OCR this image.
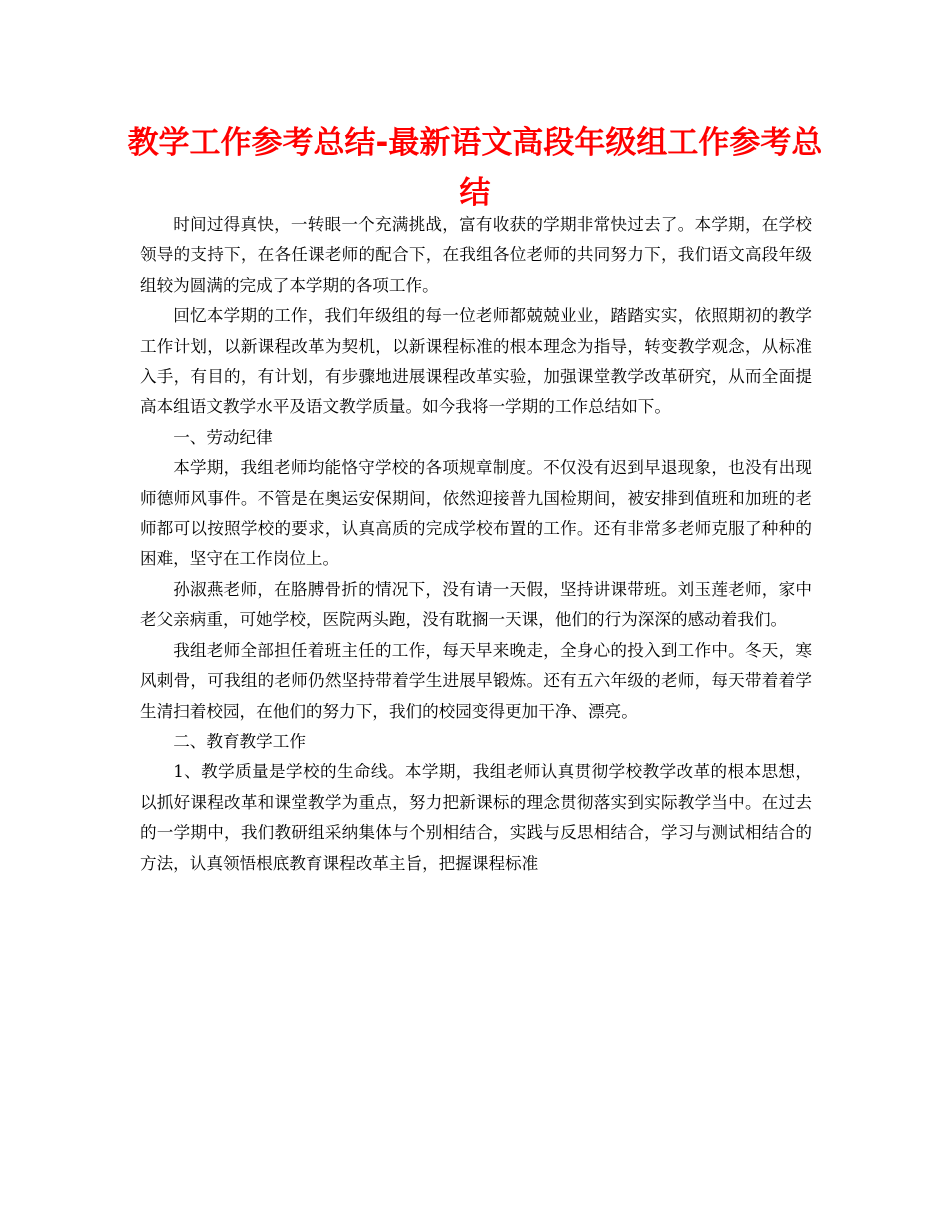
教学工作参考总结-最新语文高段年级组工作参考总结

时间过得真快，一转眼一个充满挑战，富有收获的学期非常快过去了。本学期，在学校领导的支持下，在各任课老师的配合下，在我组各位老师的共同努力下，我们语文高段年级组较为圆满的完成了本学期的各项工作。

回忆本学期的工作，我们年级组的每一位老师都兢兢业业，踏踏实实，依照期初的教学工作计划，以新课程改革为契机，以新课程标准的根本理念为指导，转变教学观念，从标准入手，有目的，有计划，有步骤地进展课程改革实验，加强课堂教学改革研究，从而全面提高本组语文教学水平及语文教学质量。如今我将一学期的工作总结如下。

一、劳动纪律

本学期，我组老师均能恪守学校的各项规章制度。不仅没有迟到早退现象，也没有出现师德师风事件。不管是在奥运安保期间，依然迎接普九国检期间，被安排到值班和加班的老师都可以按照学校的要求，认真高质的完成学校布置的工作。还有非常多老师克服了种种的困难，坚守在工作岗位上。

孙淑燕老师，在胳膊骨折的情况下，没有请一天假，坚持讲课带班。刘玉莲老师，家中老父亲病重，可她学校，医院两头跑，没有耽搁一天课，他们的行为深深的感动着我们。

我组老师全部担任着班主任的工作，每天早来晚走，全身心的投入到工作中。冬天，寒风刺骨，可我组的老师仍然坚持带着学生进展早锻炼。还有五六年级的老师，每天带着着学生清扫着校园，在他们的努力下，我们的校园变得更加干净、漂亮。

二、教育教学工作

1、教学质量是学校的生命线。本学期，我组老师认真贯彻学校教学改革的根本思想，以抓好课程改革和课堂教学为重点，努力把新课标的理念贯彻落实到实际教学当中。在过去的一学期中，我们教研组采纳集体与个别相结合，实践与反思相结合，学习与测试相结合的方法，认真领悟根底教育课程改革主旨，把握课程标准
